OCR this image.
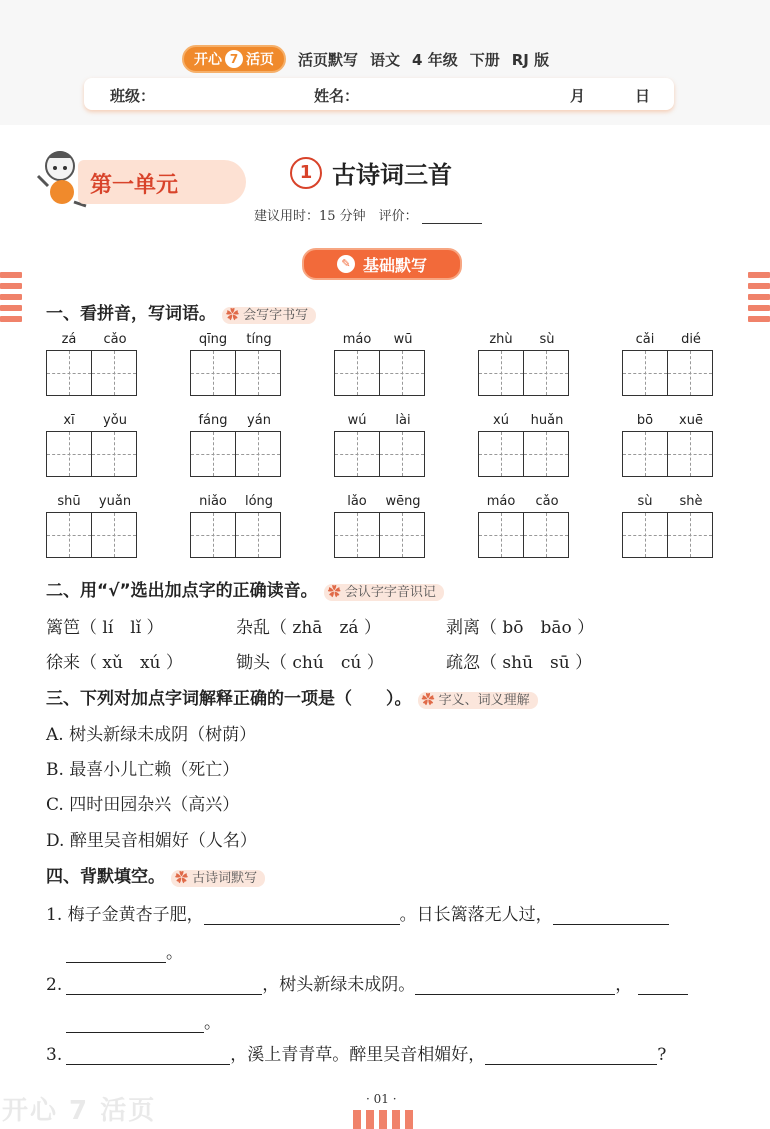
开心 7 活页 活页默写 语文 4 年级 下册 RJ 版
班级：	姓名：	月	日
第一单元
1 古诗词三首
建议用时：15 分钟　评价：
✎ 基础默写
一、看拼音，写词语。 ✿ 会写字书写
zá	cǎo	qīng	tíng	máo	wū	zhù	sù	cǎi	dié
xī	yǒu	fáng	yán	wú	lài	xú	huǎn	bō	xuē
shū	yuǎn	niǎo	lóng	lǎo	wēng	máo	cǎo	sù	shè
二、用“√”选出加点字的正确读音。 ✿ 会认字字音识记
篱笆（ lí　lǐ ）	杂乱（ zhā　zá ）	剥离（ bō　bāo ）
徐来（ xǔ　xú ）	锄头（ chú　cú ）	疏忽（ shū　sū ）
三、下列对加点字词解释正确的一项是（　　）。 ✿ 字义、词义理解
A. 树头新绿未成阴（树荫）
B. 最喜小儿亡赖（死亡）
C. 四时田园杂兴（高兴）
D. 醉里吴音相媚好（人名）
四、背默填空。 ✿ 古诗词默写
1. 梅子金黄杏子肥，	。日长篱落无人过，
。
2.	，树头新绿未成阴。	，
。
3.	，溪上青青草。醉里吴音相媚好，	?
开心 7 活页	· 01 ·
